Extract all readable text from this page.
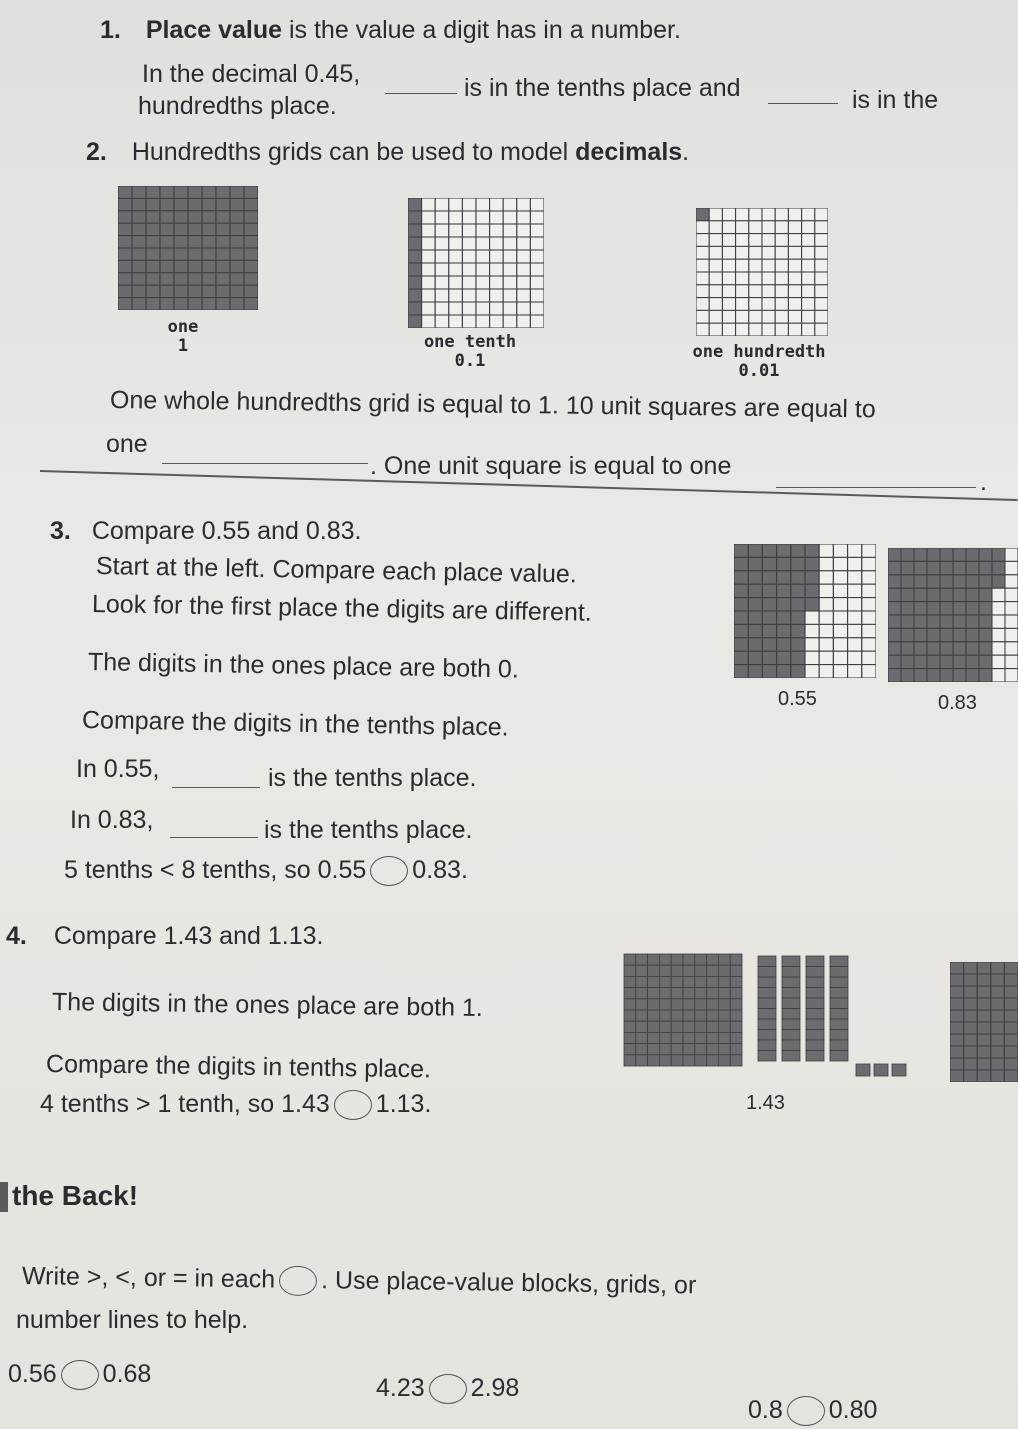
1. Place value is the value a digit has in a number.
In the decimal 0.45,	is in the tenths place and	is in the
hundredths place.
2. Hundredths grids can be used to model decimals.
one
1	one tenth
0.1	one hundredth
0.01
One whole hundredths grid is equal to 1. 10 unit squares are equal to
one
. One unit square is equal to one
.
3. Compare 0.55 and 0.83.
Start at the left. Compare each place value.
Look for the first place the digits are different.
The digits in the ones place are both 0.
Compare the digits in the tenths place.
In 0.55,	is the tenths place.
In 0.83,	is the tenths place.
5 tenths < 8 tenths, so 0.55 0.83.
0.55	0.83
4. Compare 1.43 and 1.13.
The digits in the ones place are both 1.
Compare the digits in tenths place.
4 tenths > 1 tenth, so 1.43 1.13.	1.43
the Back!
Write >, <, or = in each . Use place-value blocks, grids, or
number lines to help.
0.56 0.68	4.23 2.98
0.8 0.80
